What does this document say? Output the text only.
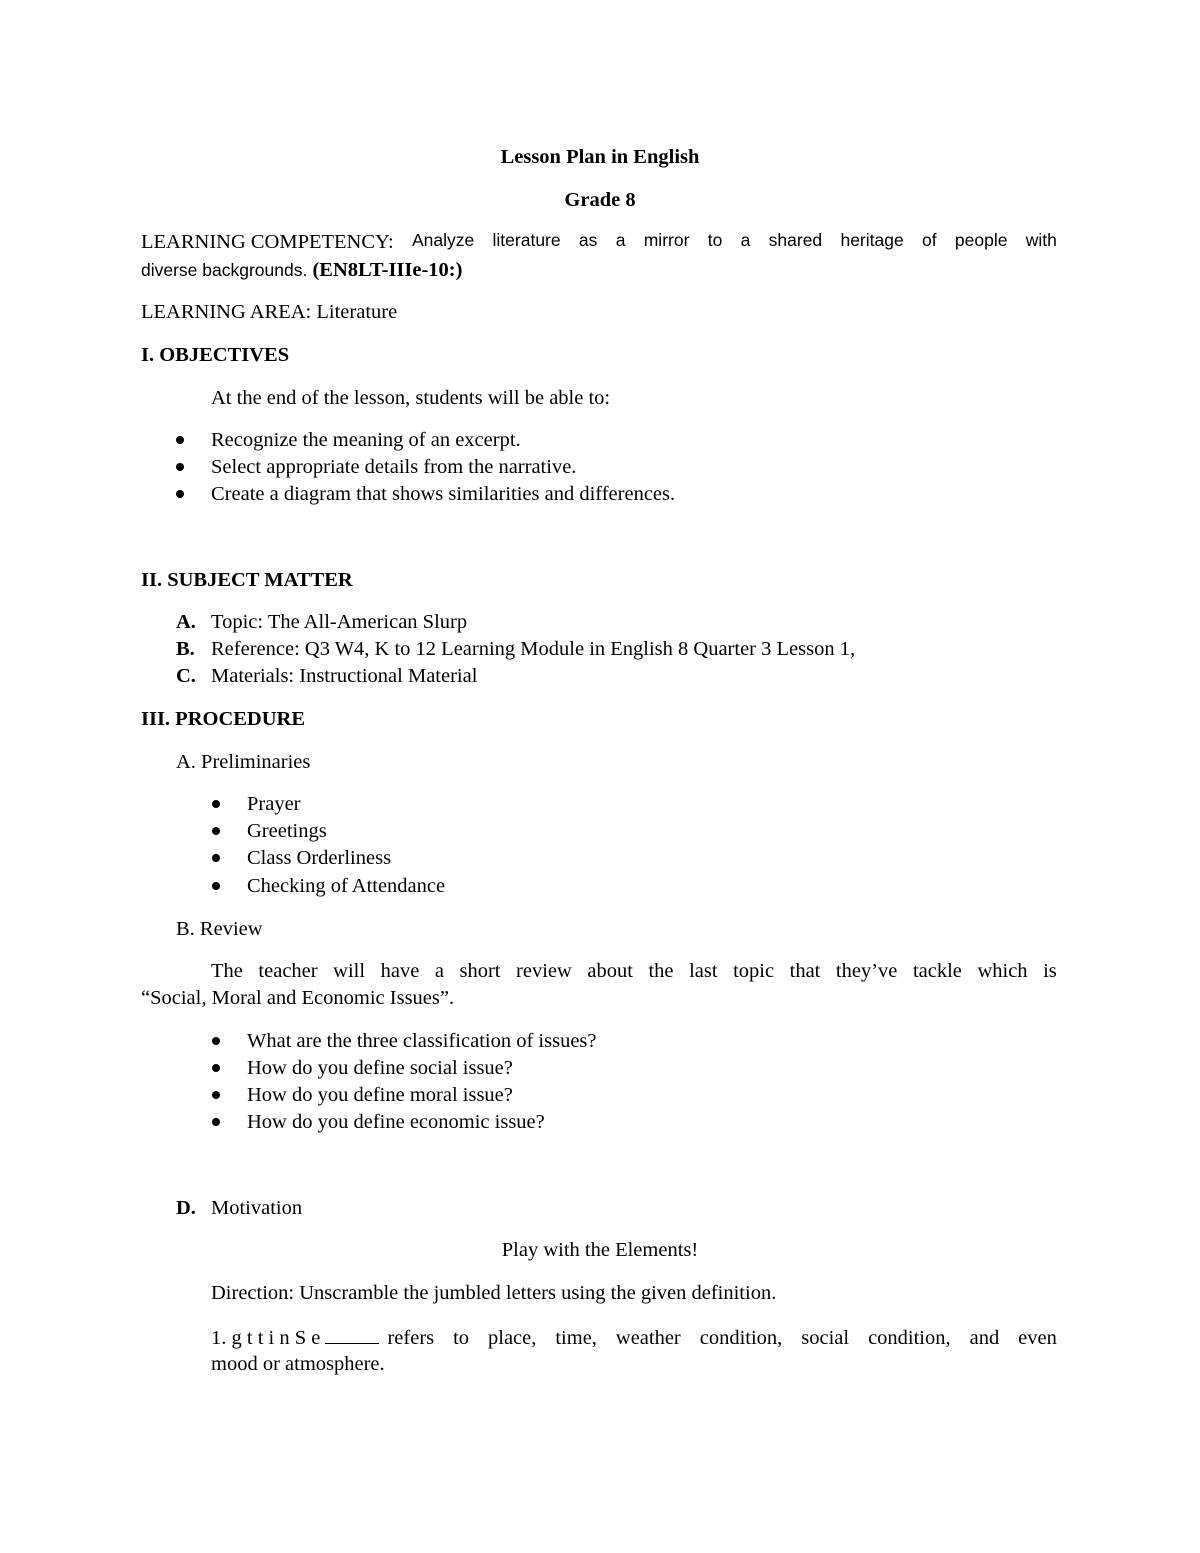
Lesson Plan in English
Grade 8
LEARNING COMPETENCY: Analyze literature as a mirror to a shared heritage of people with
diverse backgrounds. (EN8LT-IIIe-10:)
LEARNING AREA: Literature
I. OBJECTIVES
At the end of the lesson, students will be able to:
Recognize the meaning of an excerpt.
Select appropriate details from the narrative.
Create a diagram that shows similarities and differences.
II. SUBJECT MATTER
A. Topic: The All-American Slurp
B. Reference: Q3 W4, K to 12 Learning Module in English 8 Quarter 3 Lesson 1,
C. Materials: Instructional Material
III. PROCEDURE
A. Preliminaries
Prayer
Greetings
Class Orderliness
Checking of Attendance
B. Review
The teacher will have a short review about the last topic that they’ve tackle which is
“Social, Moral and Economic Issues”.
What are the three classification of issues?
How do you define social issue?
How do you define moral issue?
How do you define economic issue?
D. Motivation
Play with the Elements!
Direction: Unscramble the jumbled letters using the given definition.
1. g t t i n S e	refers to place, time, weather condition, social condition, and even
mood or atmosphere.
